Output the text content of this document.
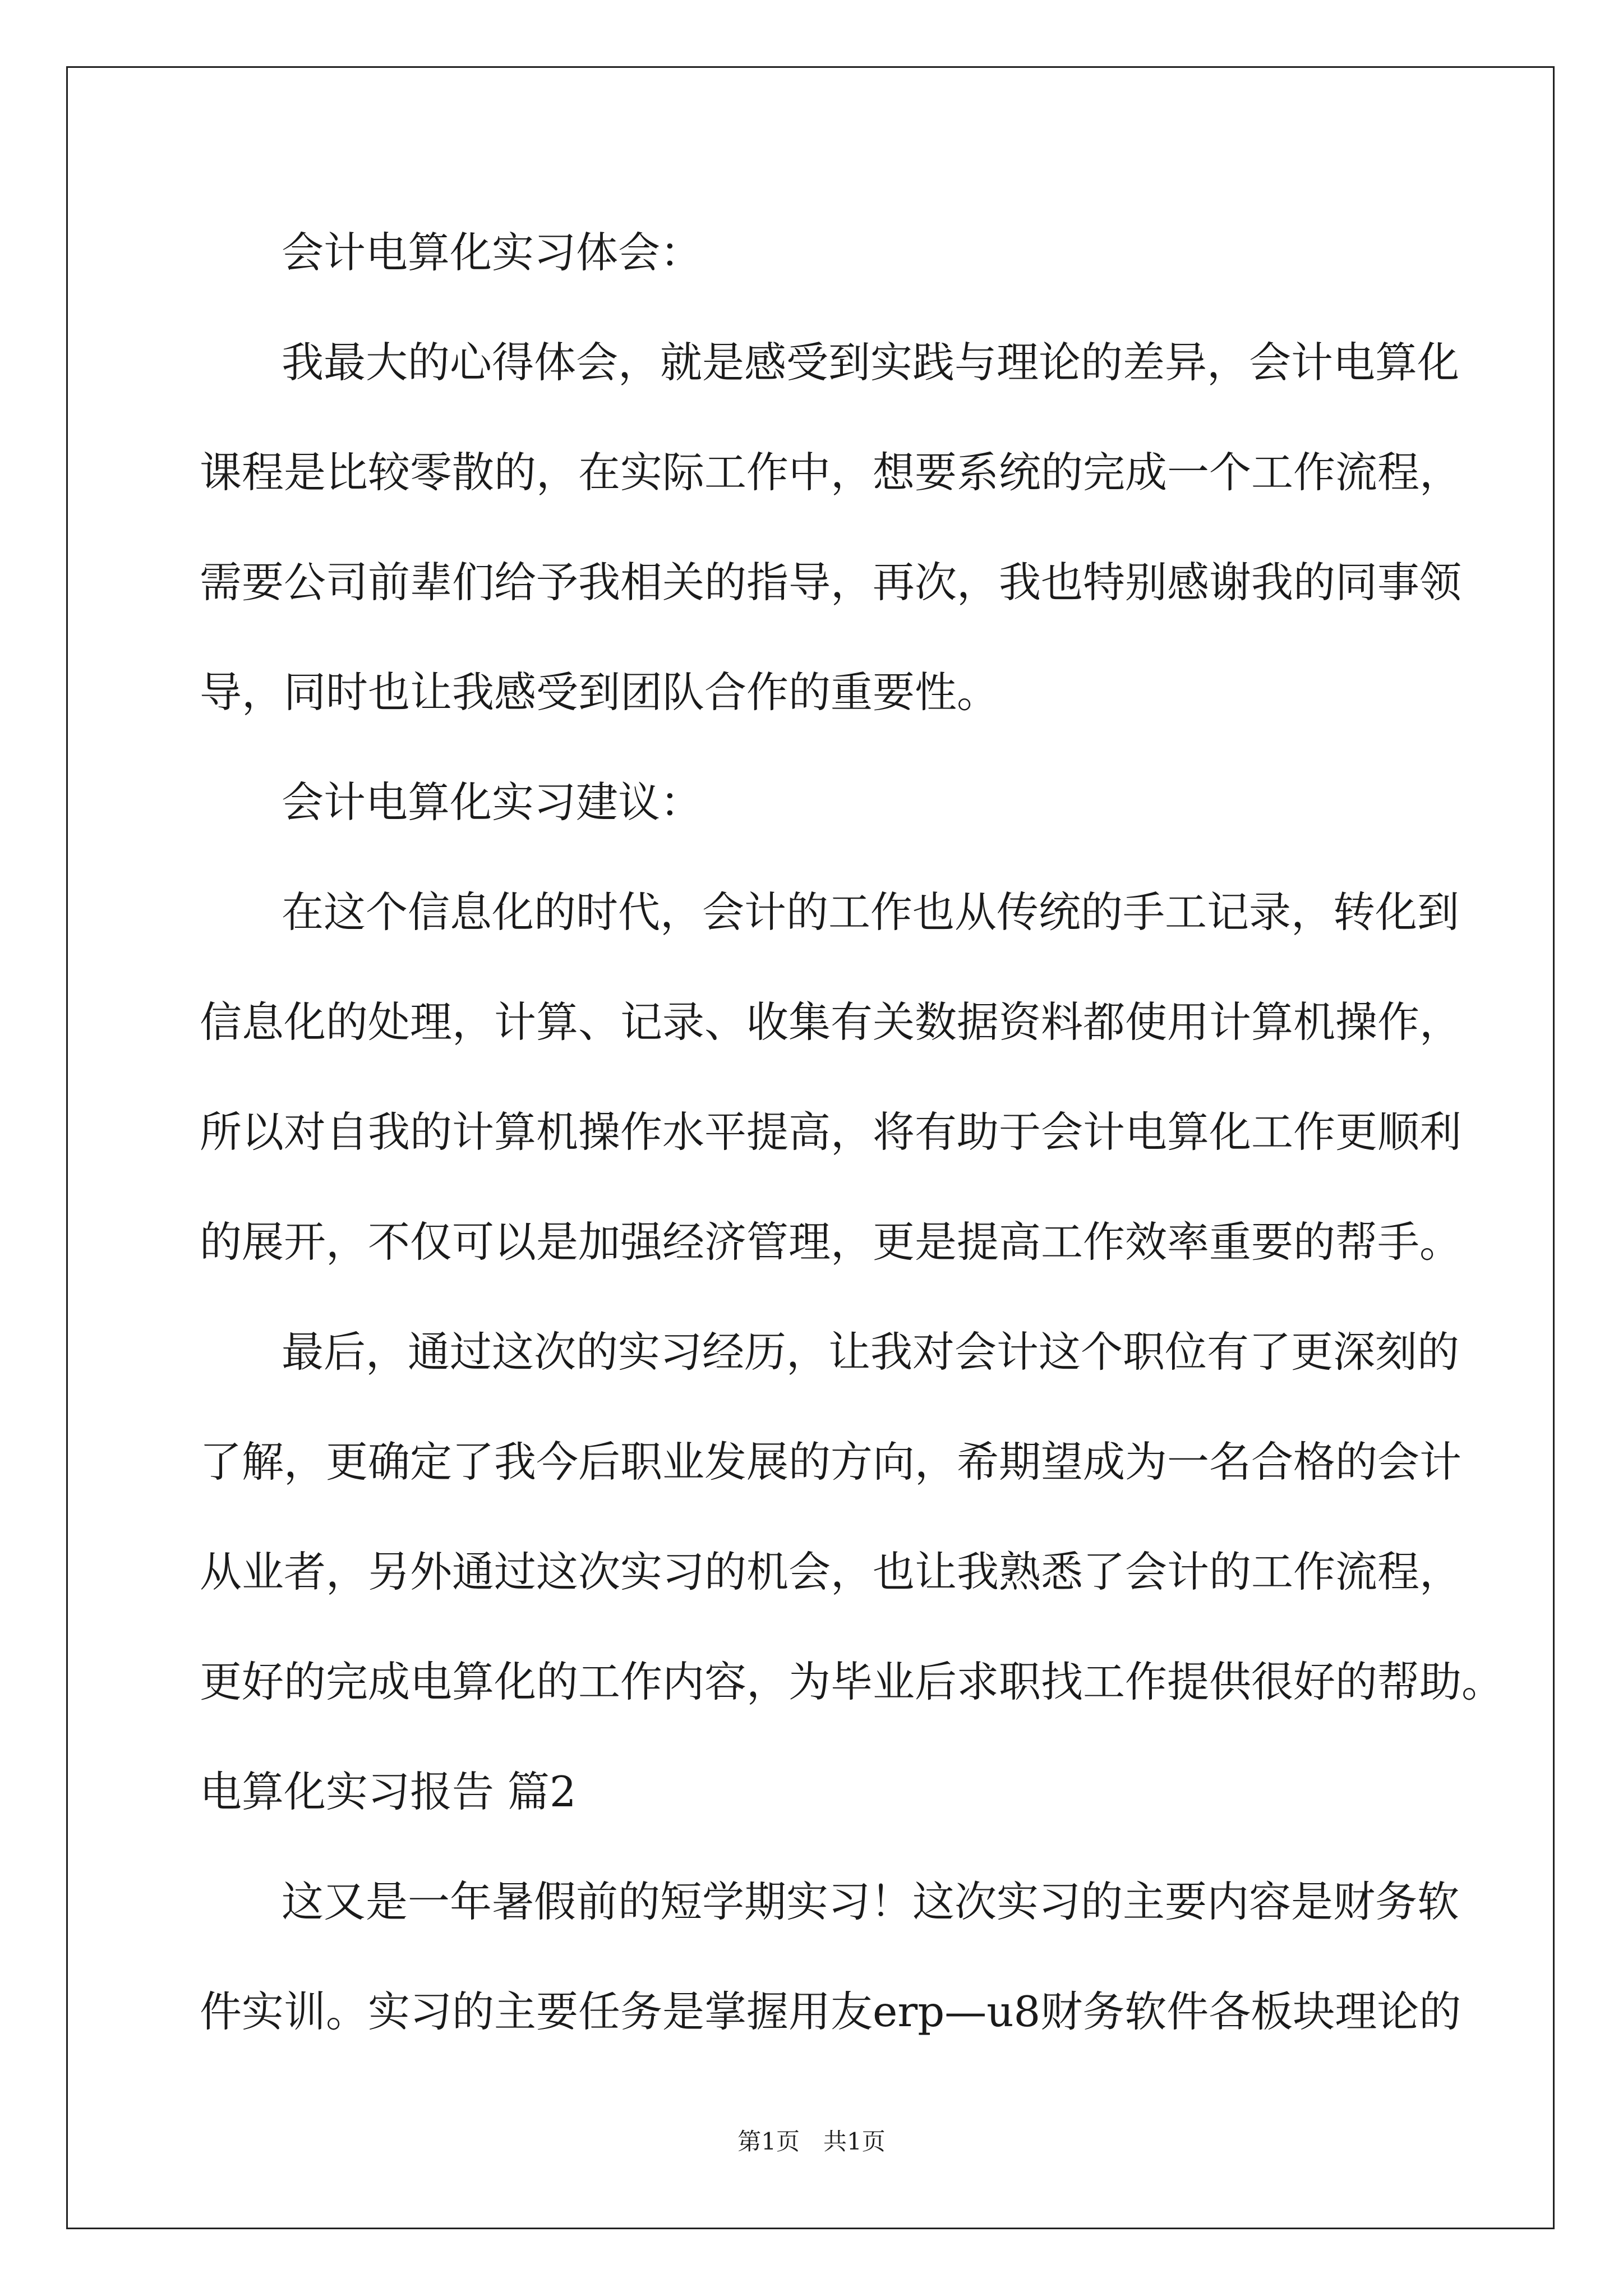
会计电算化实习体会：
我最大的心得体会，就是感受到实践与理论的差异，会计电算化
课程是比较零散的，在实际工作中，想要系统的完成一个工作流程，
需要公司前辈们给予我相关的指导，再次，我也特别感谢我的同事领
导，同时也让我感受到团队合作的重要性。
会计电算化实习建议：
在这个信息化的时代，会计的工作也从传统的手工记录，转化到
信息化的处理，计算、记录、收集有关数据资料都使用计算机操作，
所以对自我的计算机操作水平提高，将有助于会计电算化工作更顺利
的展开，不仅可以是加强经济管理，更是提高工作效率重要的帮手。
最后，通过这次的实习经历，让我对会计这个职位有了更深刻的
了解，更确定了我今后职业发展的方向，希期望成为一名合格的会计
从业者，另外通过这次实习的机会，也让我熟悉了会计的工作流程，
更好的完成电算化的工作内容，为毕业后求职找工作提供很好的帮助。
电算化实习报告 篇2
这又是一年暑假前的短学期实习！这次实习的主要内容是财务软
件实训。实习的主要任务是掌握用友erp—u8财务软件各板块理论的
第1页　共1页
